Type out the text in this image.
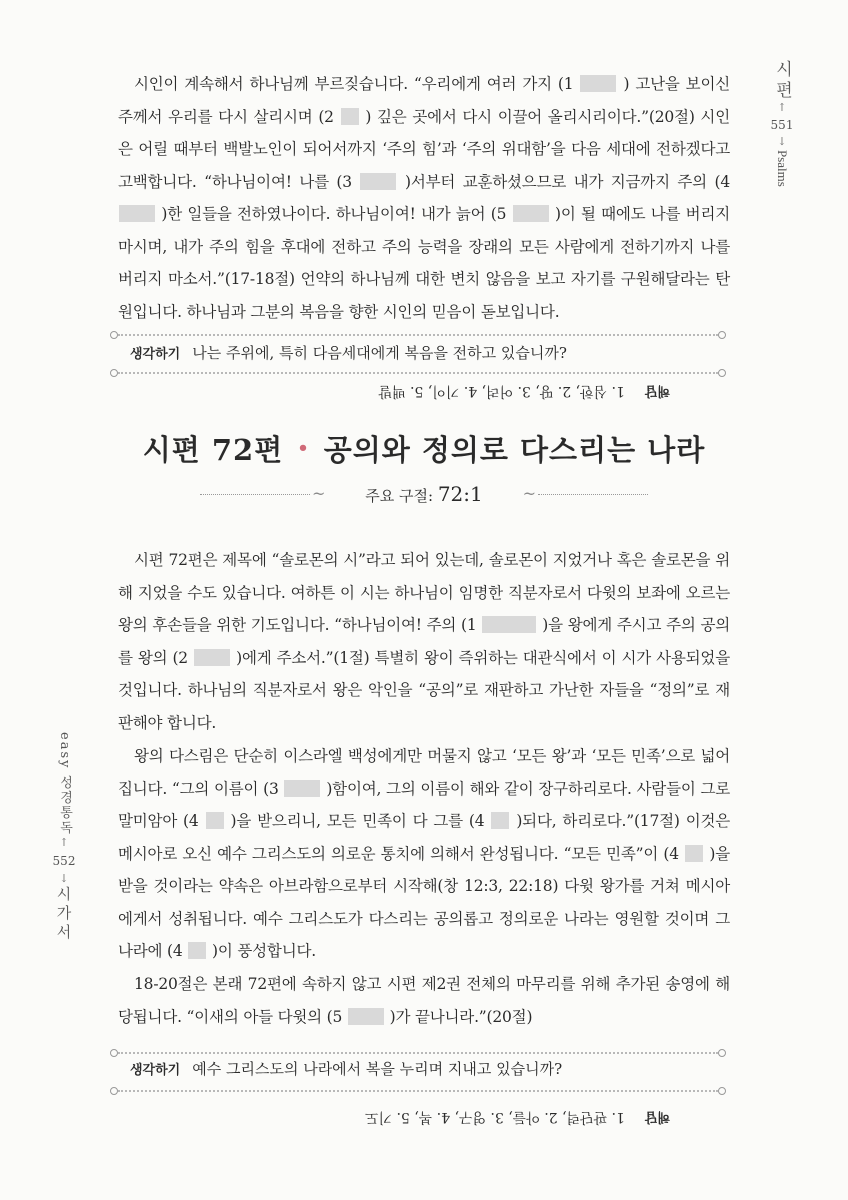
시편
↑
551
↓
Psalms
easy 성경통독
↑
552
↓
시가서

시인이 계속해서 하나님께 부르짖습니다. “우리에게 여러 가지 (1	) 고난을 보이신 주께서 우리를 다시 살리시며 (2 ) 깊은 곳에서 다시 이끌어 올리시리이다.”(20절) 시인은 어릴 때부터 백발노인이 되어서까지 ‘주의 힘’과 ‘주의 위대함’을 다음 세대에 전하겠다고 고백합니다. “하나님이여! 나를 (3	)서부터 교훈하셨으므로 내가 지금까지 주의 (4  )한 일들을 전하였나이다. 하나님이여! 내가 늙어 (5	)이 될 때에도 나를 버리지 마시며, 내가 주의 힘을 후대에 전하고 주의 능력을 장래의 모든 사람에게 전하기까지 나를 버리지 마소서.”(17-18절) 언약의 하나님께 대한 변치 않음을 보고 자기를 구원해달라는 탄원입니다. 하나님과 그분의 복음을 향한 시인의 믿음이 돋보입니다.

생각하기 나는 주위에, 특히 다음세대에게 복음을 전하고 있습니까?
해답1. 심한, 2. 땅, 3. 어려, 4. 기이, 5. 백발
시편 72편 • 공의와 정의로 다스리는 나라
~	주요 구절: 72:1	~

시편 72편은 제목에 “솔로몬의 시”라고 되어 있는데, 솔로몬이 지었거나 혹은 솔로몬을 위해 지었을 수도 있습니다. 여하튼 이 시는 하나님이 임명한 직분자로서 다윗의 보좌에 오르는 왕의 후손들을 위한 기도입니다. “하나님이여! 주의 (1	)을 왕에게 주시고 주의 공의를 왕의 (2	)에게 주소서.”(1절) 특별히 왕이 즉위하는 대관식에서 이 시가 사용되었을 것입니다. 하나님의 직분자로서 왕은 악인을 “공의”로 재판하고 가난한 자들을 “정의”로 재판해야 합니다.

왕의 다스림은 단순히 이스라엘 백성에게만 머물지 않고 ‘모든 왕’과 ‘모든 민족’으로 넓어집니다. “그의 이름이 (3	)함이여, 그의 이름이 해와 같이 장구하리로다. 사람들이 그로 말미암아 (4 )을 받으리니, 모든 민족이 다 그를 (4 )되다, 하리로다.”(17절) 이것은 메시아로 오신 예수 그리스도의 의로운 통치에 의해서 완성됩니다. “모든 민족”이 (4 )을 받을 것이라는 약속은 아브라함으로부터 시작해(창 12:3, 22:18) 다윗 왕가를 거쳐 메시아에게서 성취됩니다. 예수 그리스도가 다스리는 공의롭고 정의로운 나라는 영원할 것이며 그 나라에 (4 )이 풍성합니다.

18-20절은 본래 72편에 속하지 않고 시편 제2권 전체의 마무리를 위해 추가된 송영에 해당됩니다. “이새의 아들 다윗의 (5	)가 끝나니라.”(20절)

생각하기 예수 그리스도의 나라에서 복을 누리며 지내고 있습니까?
해답1. 판단력, 2. 아들, 3. 영구, 4. 복, 5. 기도
